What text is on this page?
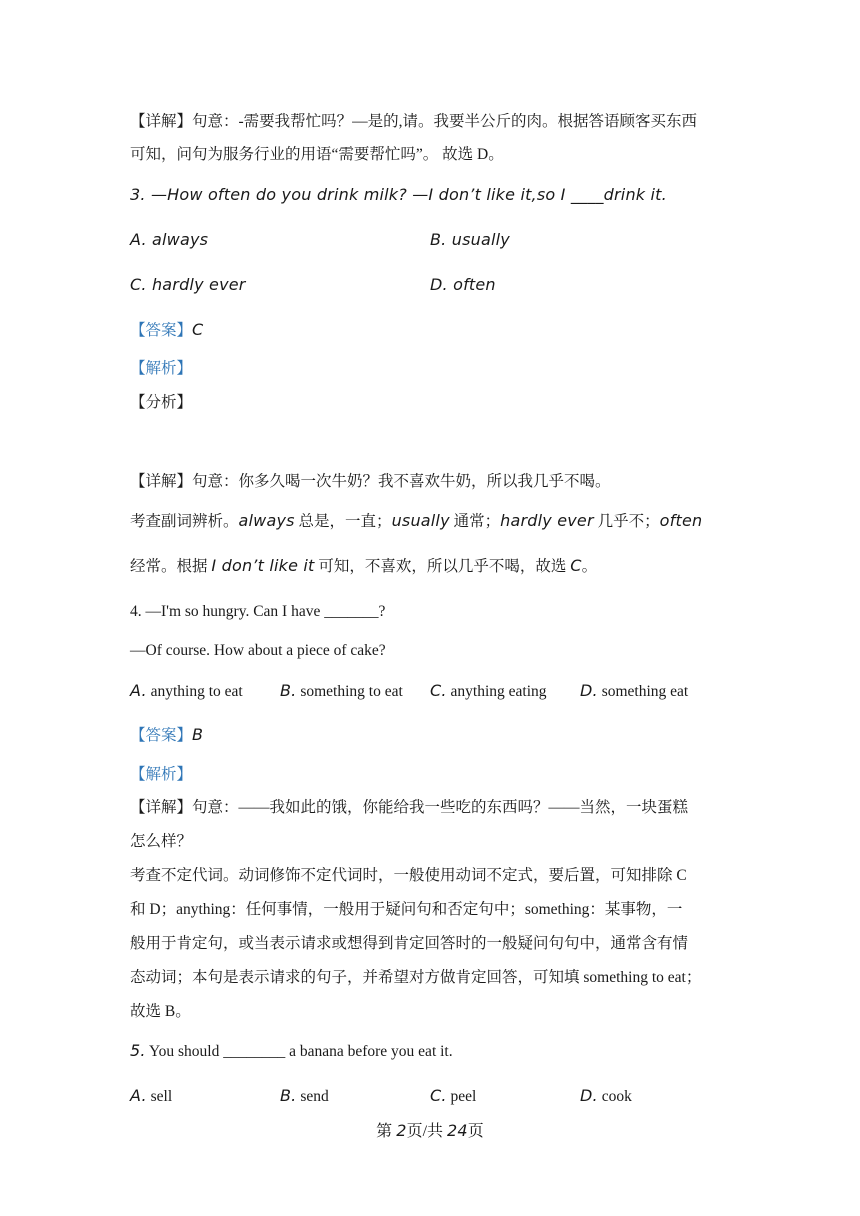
【详解】句意：-需要我帮忙吗？—是的,请。我要半公斤的肉。根据答语顾客买东西
可知，问句为服务行业的用语“需要帮忙吗”。 故选 D。
3. —How often do you drink milk? —I don’t like it,so I ____drink it.
A. always	B. usually
C. hardly ever	D. often
【答案】C
【解析】
【分析】
【详解】句意：你多久喝一次牛奶？我不喜欢牛奶，所以我几乎不喝。
考查副词辨析。always 总是，一直；usually 通常；hardly ever 几乎不；often
经常。根据 I don’t like it 可知，不喜欢，所以几乎不喝，故选 C。
4. —I'm so hungry. Can I have _______?
—Of course. How about a piece of cake?
A. anything to eat B. something to eat C. anything eating D. something eat
【答案】B
【解析】
【详解】句意：——我如此的饿，你能给我一些吃的东西吗？——当然，一块蛋糕
怎么样？
考查不定代词。动词修饰不定代词时，一般使用动词不定式，要后置，可知排除 C
和 D；anything：任何事情，一般用于疑问句和否定句中；something：某事物，一
般用于肯定句，或当表示请求或想得到肯定回答时的一般疑问句句中，通常含有情
态动词；本句是表示请求的句子，并希望对方做肯定回答，可知填 something to eat；
故选 B。
5. You should ________ a banana before you eat it.
A. sell	B. send	C. peel	D. cook
第 2页/共 24页
